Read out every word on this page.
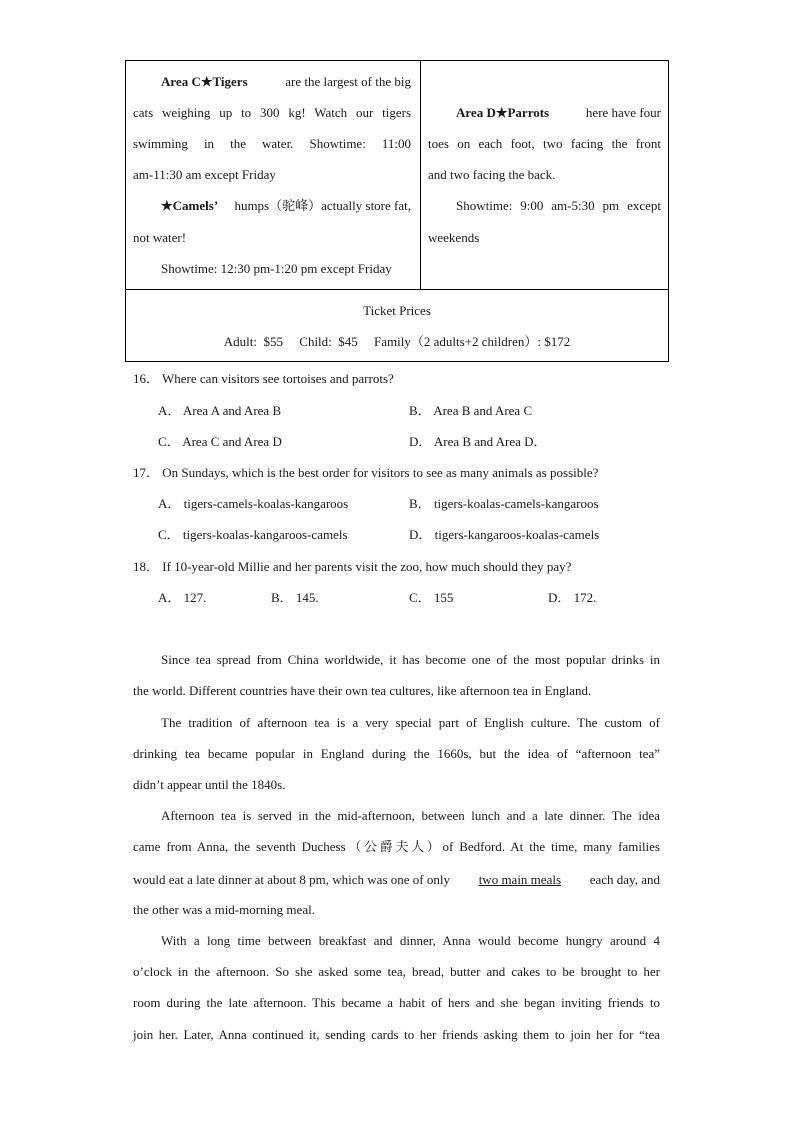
Area C★Tigers	are the largest of the big
cats weighing up to 300 kg! Watch our tigers
swimming in the water. Showtime: 11:00
am-11:30 am except Friday
★Camels’ humps（驼峰）actually store fat,
not water!
Showtime: 12:30 pm-1:20 pm except Friday
Area D★Parrots	here have four
toes on each foot, two facing the front
and two facing the back.
Showtime: 9:00 am-5:30 pm except
weekends
Ticket Prices
Adult:  $55     Child:  $45     Family（2 adults+2 children）: $172
16． Where can visitors see tortoises and parrots?
A． Area A and Area B	B． Area B and Area C
C． Area C and Area D	D． Area B and Area D．
17． On Sundays, which is the best order for visitors to see as many animals as possible?
A． tigers-camels-koalas-kangaroos	B． tigers-koalas-camels-kangaroos
C． tigers-koalas-kangaroos-camels	D． tigers-kangaroos-koalas-camels
18． If 10-year-old Millie and her parents visit the zoo, how much should they pay?
A． 127.	B． 145.	C． 155	D． 172.
Since tea spread from China worldwide, it has become one of the most popular drinks in
the world. Different countries have their own tea cultures, like afternoon tea in England.
The tradition of afternoon tea is a very special part of English culture. The custom of
drinking tea became popular in England during the 1660s, but the idea of “afternoon tea”
didn’t appear until the 1840s.
Afternoon tea is served in the mid-afternoon, between lunch and a late dinner. The idea
came from Anna, the seventh Duchess（公爵夫人）of Bedford. At the time, many families
would eat a late dinner at about 8 pm, which was one of only two main meals each day, and
the other was a mid-morning meal.
With a long time between breakfast and dinner, Anna would become hungry around 4
o’clock in the afternoon. So she asked some tea, bread, butter and cakes to be brought to her
room during the late afternoon. This became a habit of hers and she began inviting friends to
join her. Later, Anna continued it, sending cards to her friends asking them to join her for “tea
